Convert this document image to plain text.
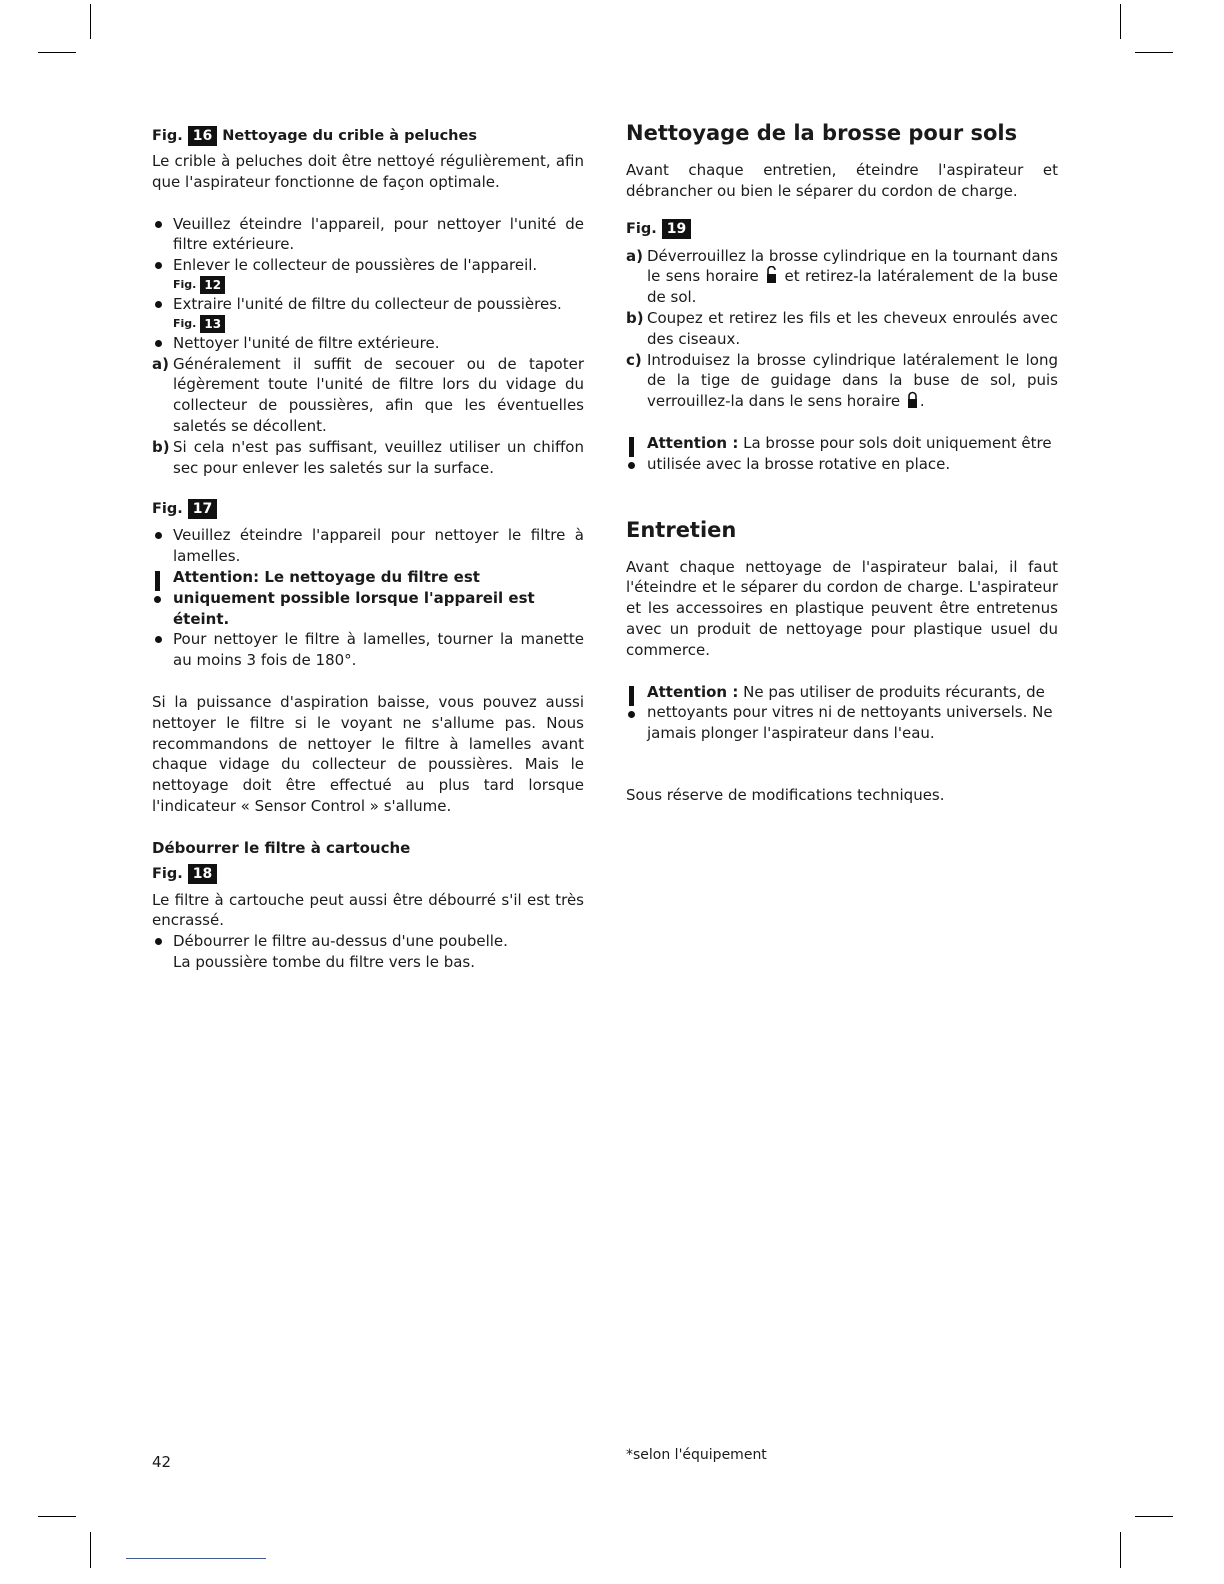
Fig. 16 Nettoyage du crible à peluches

Le crible à peluches doit être nettoyé régulièrement, afin que l'aspirateur fonctionne de façon optimale.

Veuillez éteindre l'appareil, pour nettoyer l'unité de filtre extérieure.
Enlever le collecteur de poussières de l'appareil.

Fig. 12

Extraire l'unité de filtre du collecteur de poussières.

Fig. 13

Nettoyer l'unité de filtre extérieure.
a) Généralement il suffit de secouer ou de tapoter légèrement toute l'unité de filtre lors du vidage du collecteur de poussières, afin que les éventuelles saletés se décollent.
b) Si cela n'est pas suffisant, veuillez utiliser un chiffon sec pour enlever les saletés sur la surface.

Fig. 17

Veuillez éteindre l'appareil pour nettoyer le filtre à lamelles.
Attention: Le nettoyage du filtre est uniquement possible lorsque l'appareil est éteint.
Pour nettoyer le filtre à lamelles, tourner la manette au moins 3 fois de 180°.

Si la puissance d'aspiration baisse, vous pouvez aussi nettoyer le filtre si le voyant ne s'allume pas. Nous recommandons de nettoyer le filtre à lamelles avant chaque vidage du collecteur de poussières. Mais le nettoyage doit être effectué au plus tard lorsque l'indicateur « Sensor Control » s'allume.

Débourrer le filtre à cartouche

Fig. 18

Le filtre à cartouche peut aussi être débourré s'il est très encrassé.

Débourrer le filtre au-dessus d'une poubelle.
La poussière tombe du filtre vers le bas.

Nettoyage de la brosse pour sols

Avant chaque entretien, éteindre l'aspirateur et débrancher ou bien le séparer du cordon de charge.

Fig. 19

a) Déverrouillez la brosse cylindrique en la tournant dans le sens horaire et retirez-la latéralement de la buse de sol.
b) Coupez et retirez les fils et les cheveux enroulés avec des ciseaux.
c) Introduisez la brosse cylindrique latéralement le long de la tige de guidage dans la buse de sol, puis verrouillez-la dans le sens horaire .
Attention : La brosse pour sols doit uniquement être utilisée avec la brosse rotative en place.

Entretien

Avant chaque nettoyage de l'aspirateur balai, il faut l'éteindre et le séparer du cordon de charge. L'aspirateur et les accessoires en plastique peuvent être entretenus avec un produit de nettoyage pour plastique usuel du commerce.

Attention : Ne pas utiliser de produits récurants, de nettoyants pour vitres ni de nettoyants universels. Ne jamais plonger l'aspirateur dans l'eau.

Sous réserve de modifications techniques.

42	*selon l'équipement
